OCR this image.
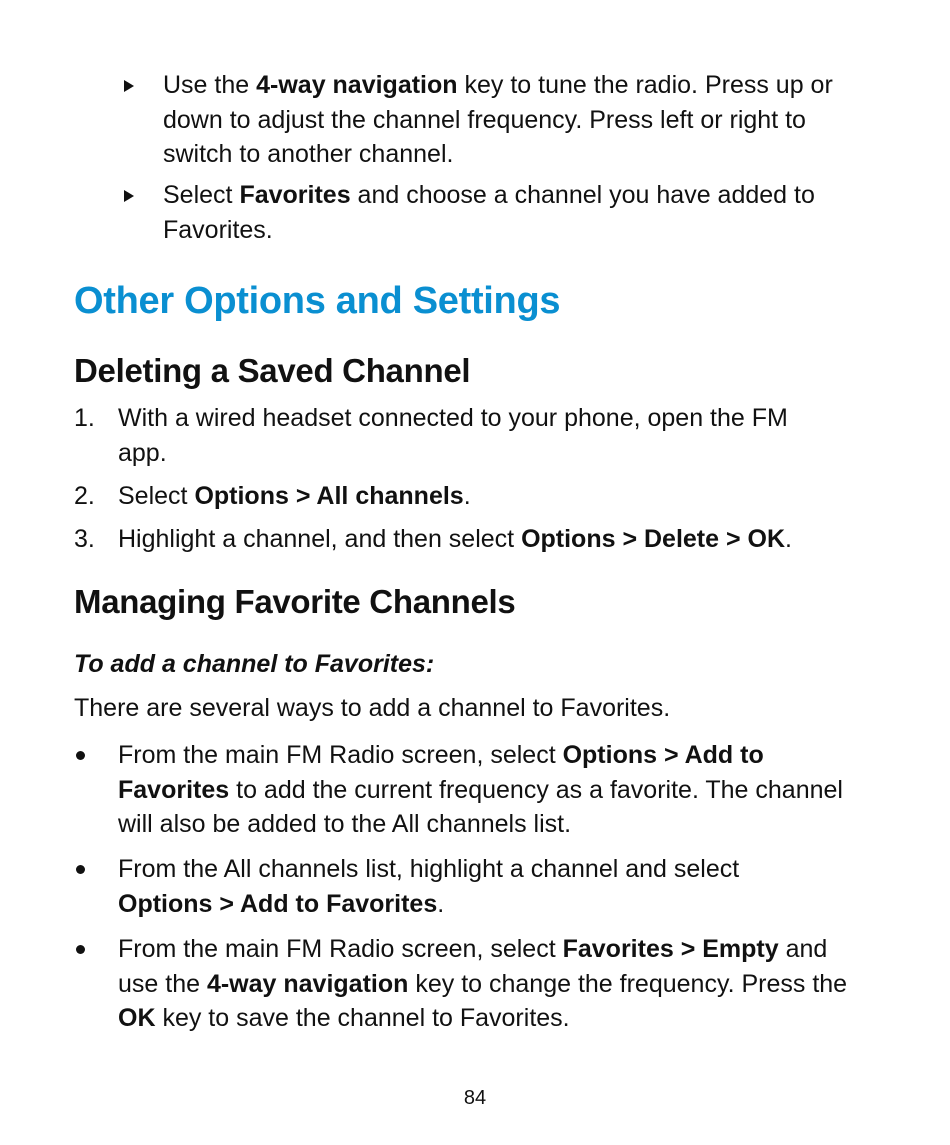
Use the 4-way navigation key to tune the radio. Press up or
down to adjust the channel frequency. Press left or right to
switch to another channel.

Select Favorites and choose a channel you have added to
Favorites.

Other Options and Settings
Deleting a Saved Channel
1. With a wired headset connected to your phone, open the FM
app.

2. Select Options > All channels.

3. Highlight a channel, and then select Options > Delete > OK.

Managing Favorite Channels
To add a channel to Favorites:

There are several ways to add a channel to Favorites.

From the main FM Radio screen, select Options > Add to
Favorites to add the current frequency as a favorite. The channel
will also be added to the All channels list.

From the All channels list, highlight a channel and select
Options > Add to Favorites.

From the main FM Radio screen, select Favorites > Empty and
use the 4-way navigation key to change the frequency. Press the
OK key to save the channel to Favorites.

84
